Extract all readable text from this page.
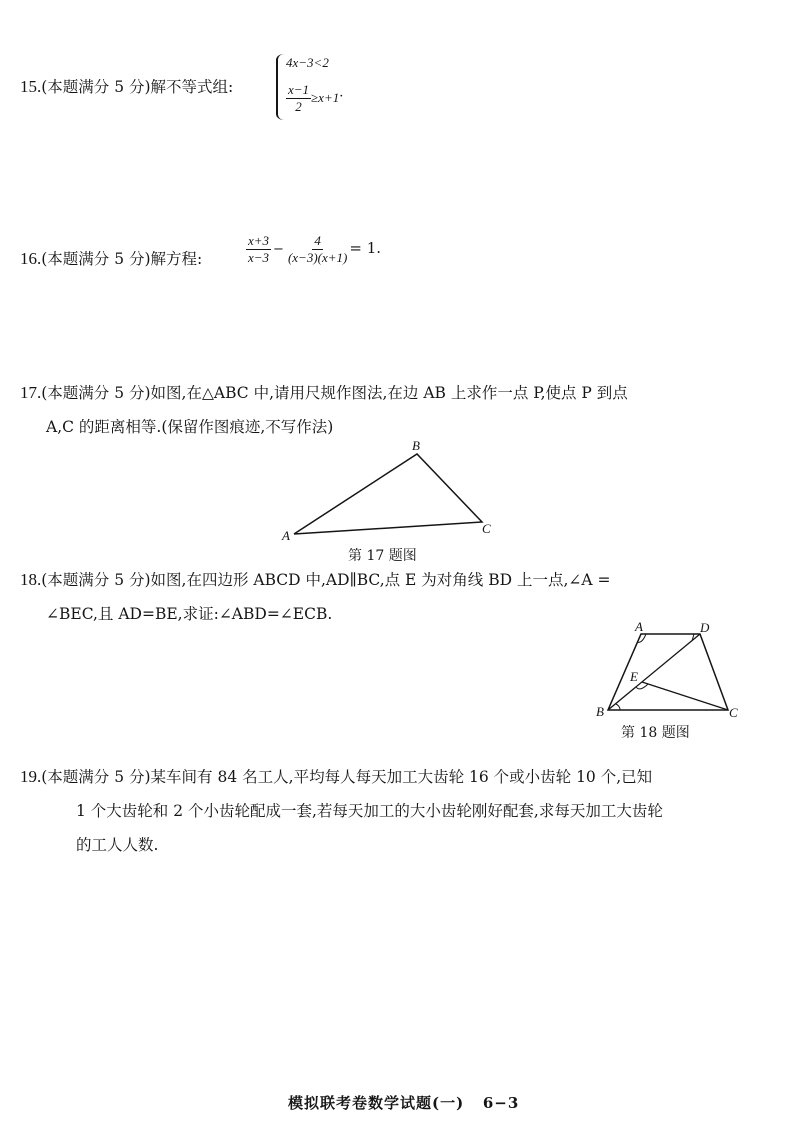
15.(本题满分 5 分)解不等式组:
4x−3<2
$\frac{x-1}{2} \ge x+1$.
16.(本题满分 5 分)解方程:	$\frac{x+3}{x-3} - \frac{4}{(x-3)(x+1)} = 1$.
17.(本题满分 5 分)如图,在△ABC 中,请用尺规作图法,在边 AB 上求作一点 P,使点 P 到点
A,C 的距离相等.(保留作图痕迹,不写作法)
A
B
C
第 17 题图
18.(本题满分 5 分)如图,在四边形 ABCD 中,AD∥BC,点 E 为对角线 BD 上一点,∠A =
∠BEC,且 AD=BE,求证:∠ABD=∠ECB.
A	D
E
B	C
第 18 题图
19.(本题满分 5 分)某车间有 84 名工人,平均每人每天加工大齿轮 16 个或小齿轮 10 个,已知
1 个大齿轮和 2 个小齿轮配成一套,若每天加工的大小齿轮刚好配套,求每天加工大齿轮
的工人人数.
模拟联考卷数学试题(一)   6−3
